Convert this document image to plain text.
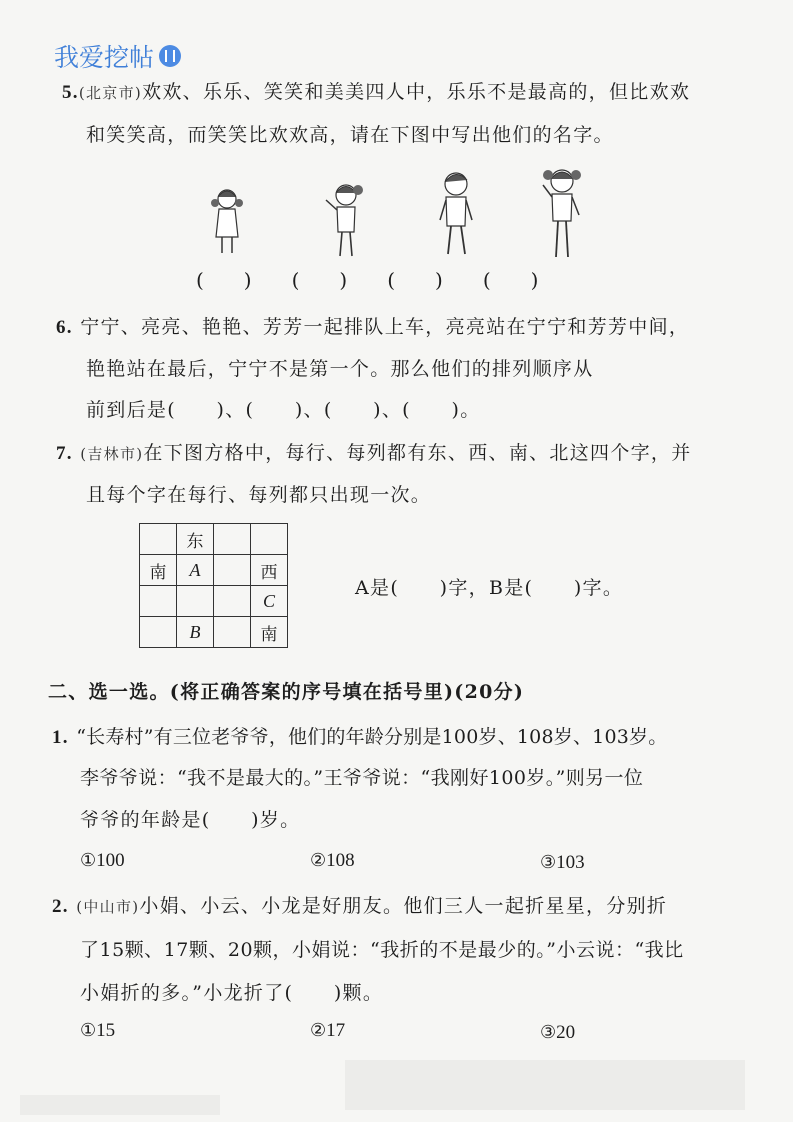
我爱挖帖
5.(北京市)欢欢、乐乐、笑笑和美美四人中，乐乐不是最高的，但比欢欢
和笑笑高，而笑笑比欢欢高，请在下图中写出他们的名字。
()()()()
6. 宁宁、亮亮、艳艳、芳芳一起排队上车，亮亮站在宁宁和芳芳中间，
艳艳站在最后，宁宁不是第一个。那么他们的排列顺序从
前到后是(　　)、(　　)、(　　)、(　　)。
7. (吉林市)在下图方格中，每行、每列都有东、西、南、北这四个字，并
且每个字在每行、每列都只出现一次。
	东		
南	A		西
			C
	B		南
A是(　　)字，B是(　　)字。
二、选一选。(将正确答案的序号填在括号里)(20分)
1. “长寿村”有三位老爷爷，他们的年龄分别是100岁、108岁、103岁。
李爷爷说：“我不是最大的。”王爷爷说：“我刚好100岁。”则另一位
爷爷的年龄是(　　)岁。
①100	②108	③103
2. (中山市)小娟、小云、小龙是好朋友。他们三人一起折星星，分别折
了15颗、17颗、20颗，小娟说：“我折的不是最少的。”小云说：“我比
小娟折的多。”小龙折了(　　)颗。
①15	②17	③20
